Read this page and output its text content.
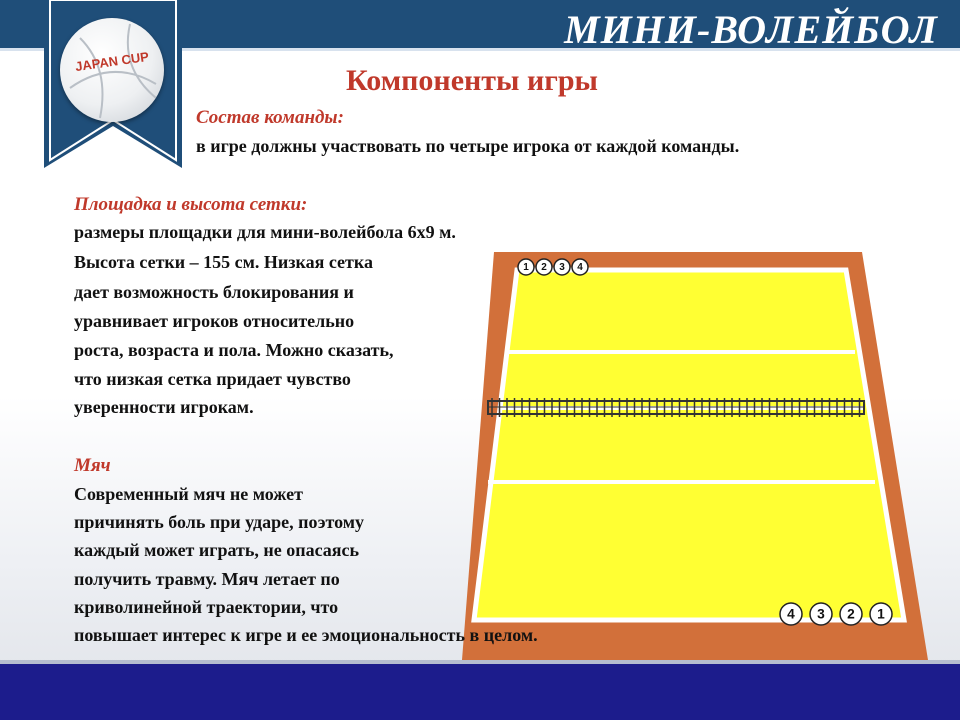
МИНИ-ВОЛЕЙБОЛ
JAPAN CUP
Компоненты игры
Состав команды:
в игре должны участвовать по четыре игрока от каждой команды.
Площадка и высота сетки:
размеры площадки для мини-волейбола 6х9 м.
Высота сетки – 155 см. Низкая сетка
дает возможность блокирования и
уравнивает игроков относительно
роста, возраста и пола. Можно сказать,
что низкая сетка придает чувство
уверенности игрокам.
1 2 3 4
4 3 2 1
Мяч
Современный мяч не может
причинять боль при ударе, поэтому
каждый может играть, не опасаясь
получить травму. Мяч летает по
криволинейной траектории, что
повышает интерес к игре и ее эмоциональность в целом.
